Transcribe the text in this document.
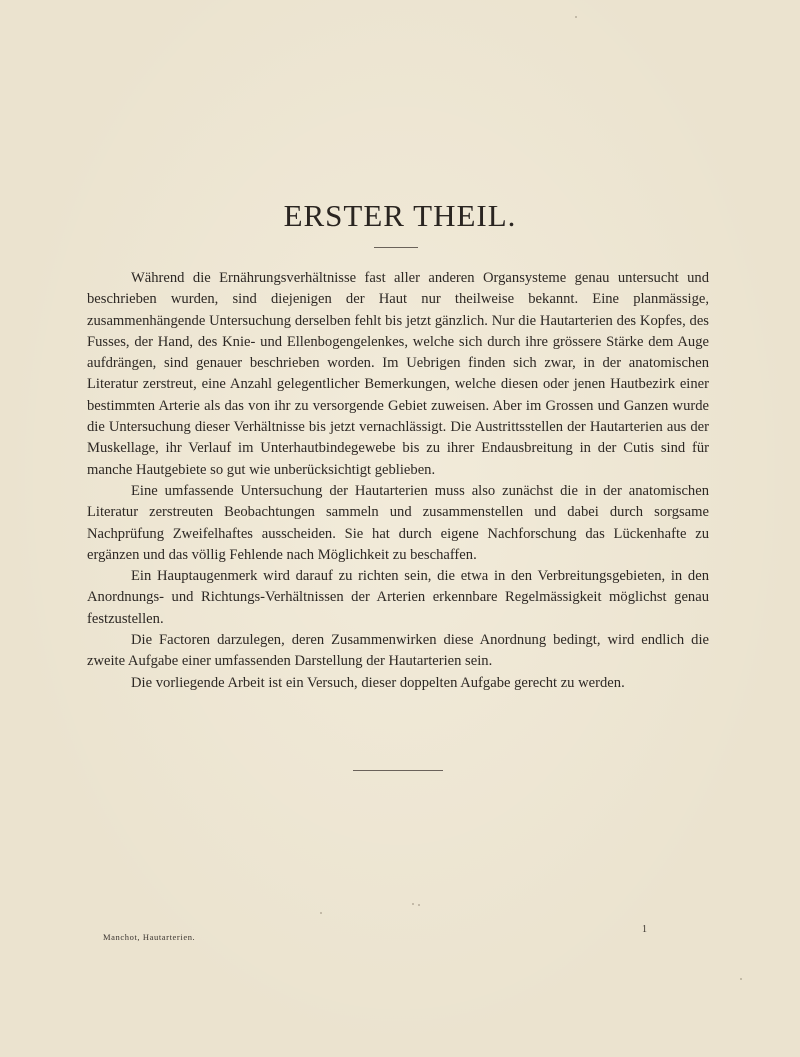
ERSTER THEIL.

Während die Ernährungsverhältnisse fast aller anderen Organsysteme genau untersucht und beschrieben wurden, sind diejenigen der Haut nur theilweise bekannt. Eine planmässige, zusammenhängende Untersuchung derselben fehlt bis jetzt gänzlich. Nur die Hautarterien des Kopfes, des Fusses, der Hand, des Knie- und Ellenbogengelenkes, welche sich durch ihre grössere Stärke dem Auge aufdrängen, sind genauer beschrieben worden. Im Uebrigen finden sich zwar, in der anatomischen Literatur zerstreut, eine Anzahl gelegentlicher Bemerkungen, welche diesen oder jenen Hautbezirk einer bestimmten Arterie als das von ihr zu versorgende Gebiet zuweisen. Aber im Grossen und Ganzen wurde die Untersuchung dieser Verhältnisse bis jetzt vernachlässigt. Die Austrittsstellen der Hautarterien aus der Muskellage, ihr Verlauf im Unterhautbindegewebe bis zu ihrer Endausbreitung in der Cutis sind für manche Hautgebiete so gut wie unberücksichtigt geblieben.

Eine umfassende Untersuchung der Hautarterien muss also zunächst die in der anatomischen Literatur zerstreuten Beobachtungen sammeln und zusammenstellen und dabei durch sorgsame Nachprüfung Zweifelhaftes ausscheiden. Sie hat durch eigene Nachforschung das Lückenhafte zu ergänzen und das völlig Fehlende nach Möglichkeit zu beschaffen.

Ein Hauptaugenmerk wird darauf zu richten sein, die etwa in den Verbreitungsgebieten, in den Anordnungs- und Richtungs-Verhältnissen der Arterien erkennbare Regelmässigkeit möglichst genau festzustellen.

Die Factoren darzulegen, deren Zusammenwirken diese Anordnung bedingt, wird endlich die zweite Aufgabe einer umfassenden Darstellung der Hautarterien sein.

Die vorliegende Arbeit ist ein Versuch, dieser doppelten Aufgabe gerecht zu werden.

Manchot, Hautarterien.
1
